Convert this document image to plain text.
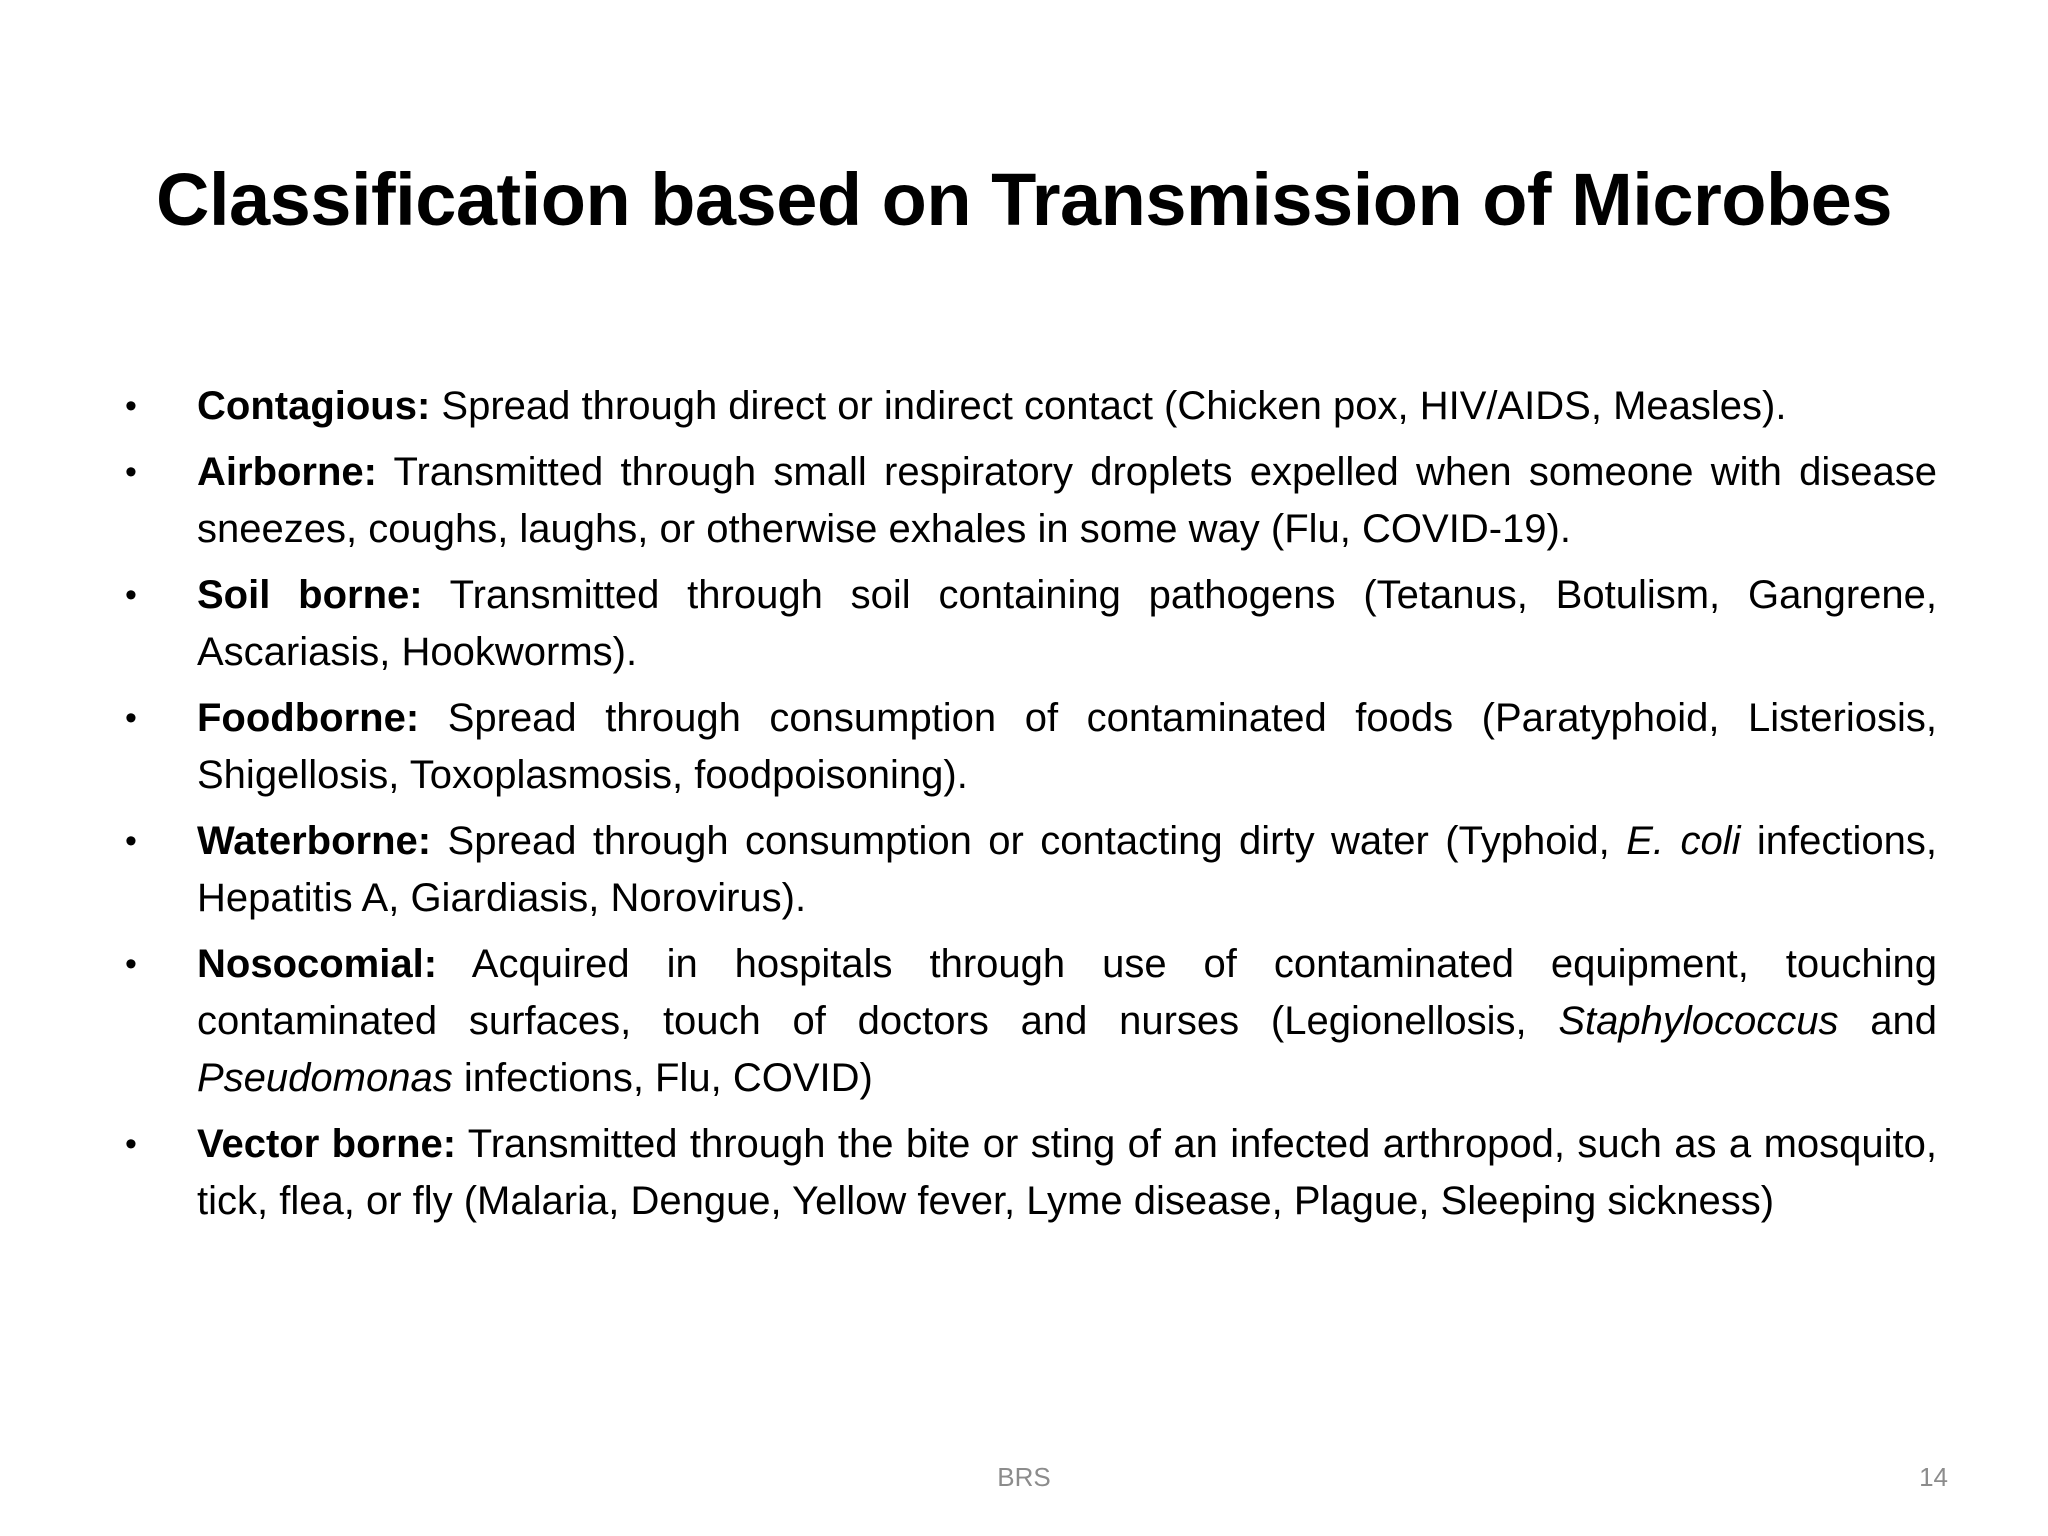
Classification based on Transmission of Microbes
• Contagious: Spread through direct or indirect contact (Chicken pox, HIV/AIDS, Measles).
• Airborne: Transmitted through small respiratory droplets expelled when someone with disease sneezes, coughs, laughs, or otherwise exhales in some way (Flu, COVID-19).
• Soil borne: Transmitted through soil containing pathogens (Tetanus, Botulism, Gangrene, Ascariasis, Hookworms).
• Foodborne: Spread through consumption of contaminated foods (Paratyphoid, Listeriosis, Shigellosis, Toxoplasmosis, foodpoisoning).
• Waterborne: Spread through consumption or contacting dirty water (Typhoid, E. coli infections, Hepatitis A, Giardiasis, Norovirus).
• Nosocomial: Acquired in hospitals through use of contaminated equipment, touching contaminated surfaces, touch of doctors and nurses (Legionellosis, Staphylococcus and Pseudomonas infections, Flu, COVID)
• Vector borne: Transmitted through the bite or sting of an infected arthropod, such as a mosquito, tick, flea, or fly (Malaria, Dengue, Yellow fever, Lyme disease, Plague, Sleeping sickness)
BRS	14
